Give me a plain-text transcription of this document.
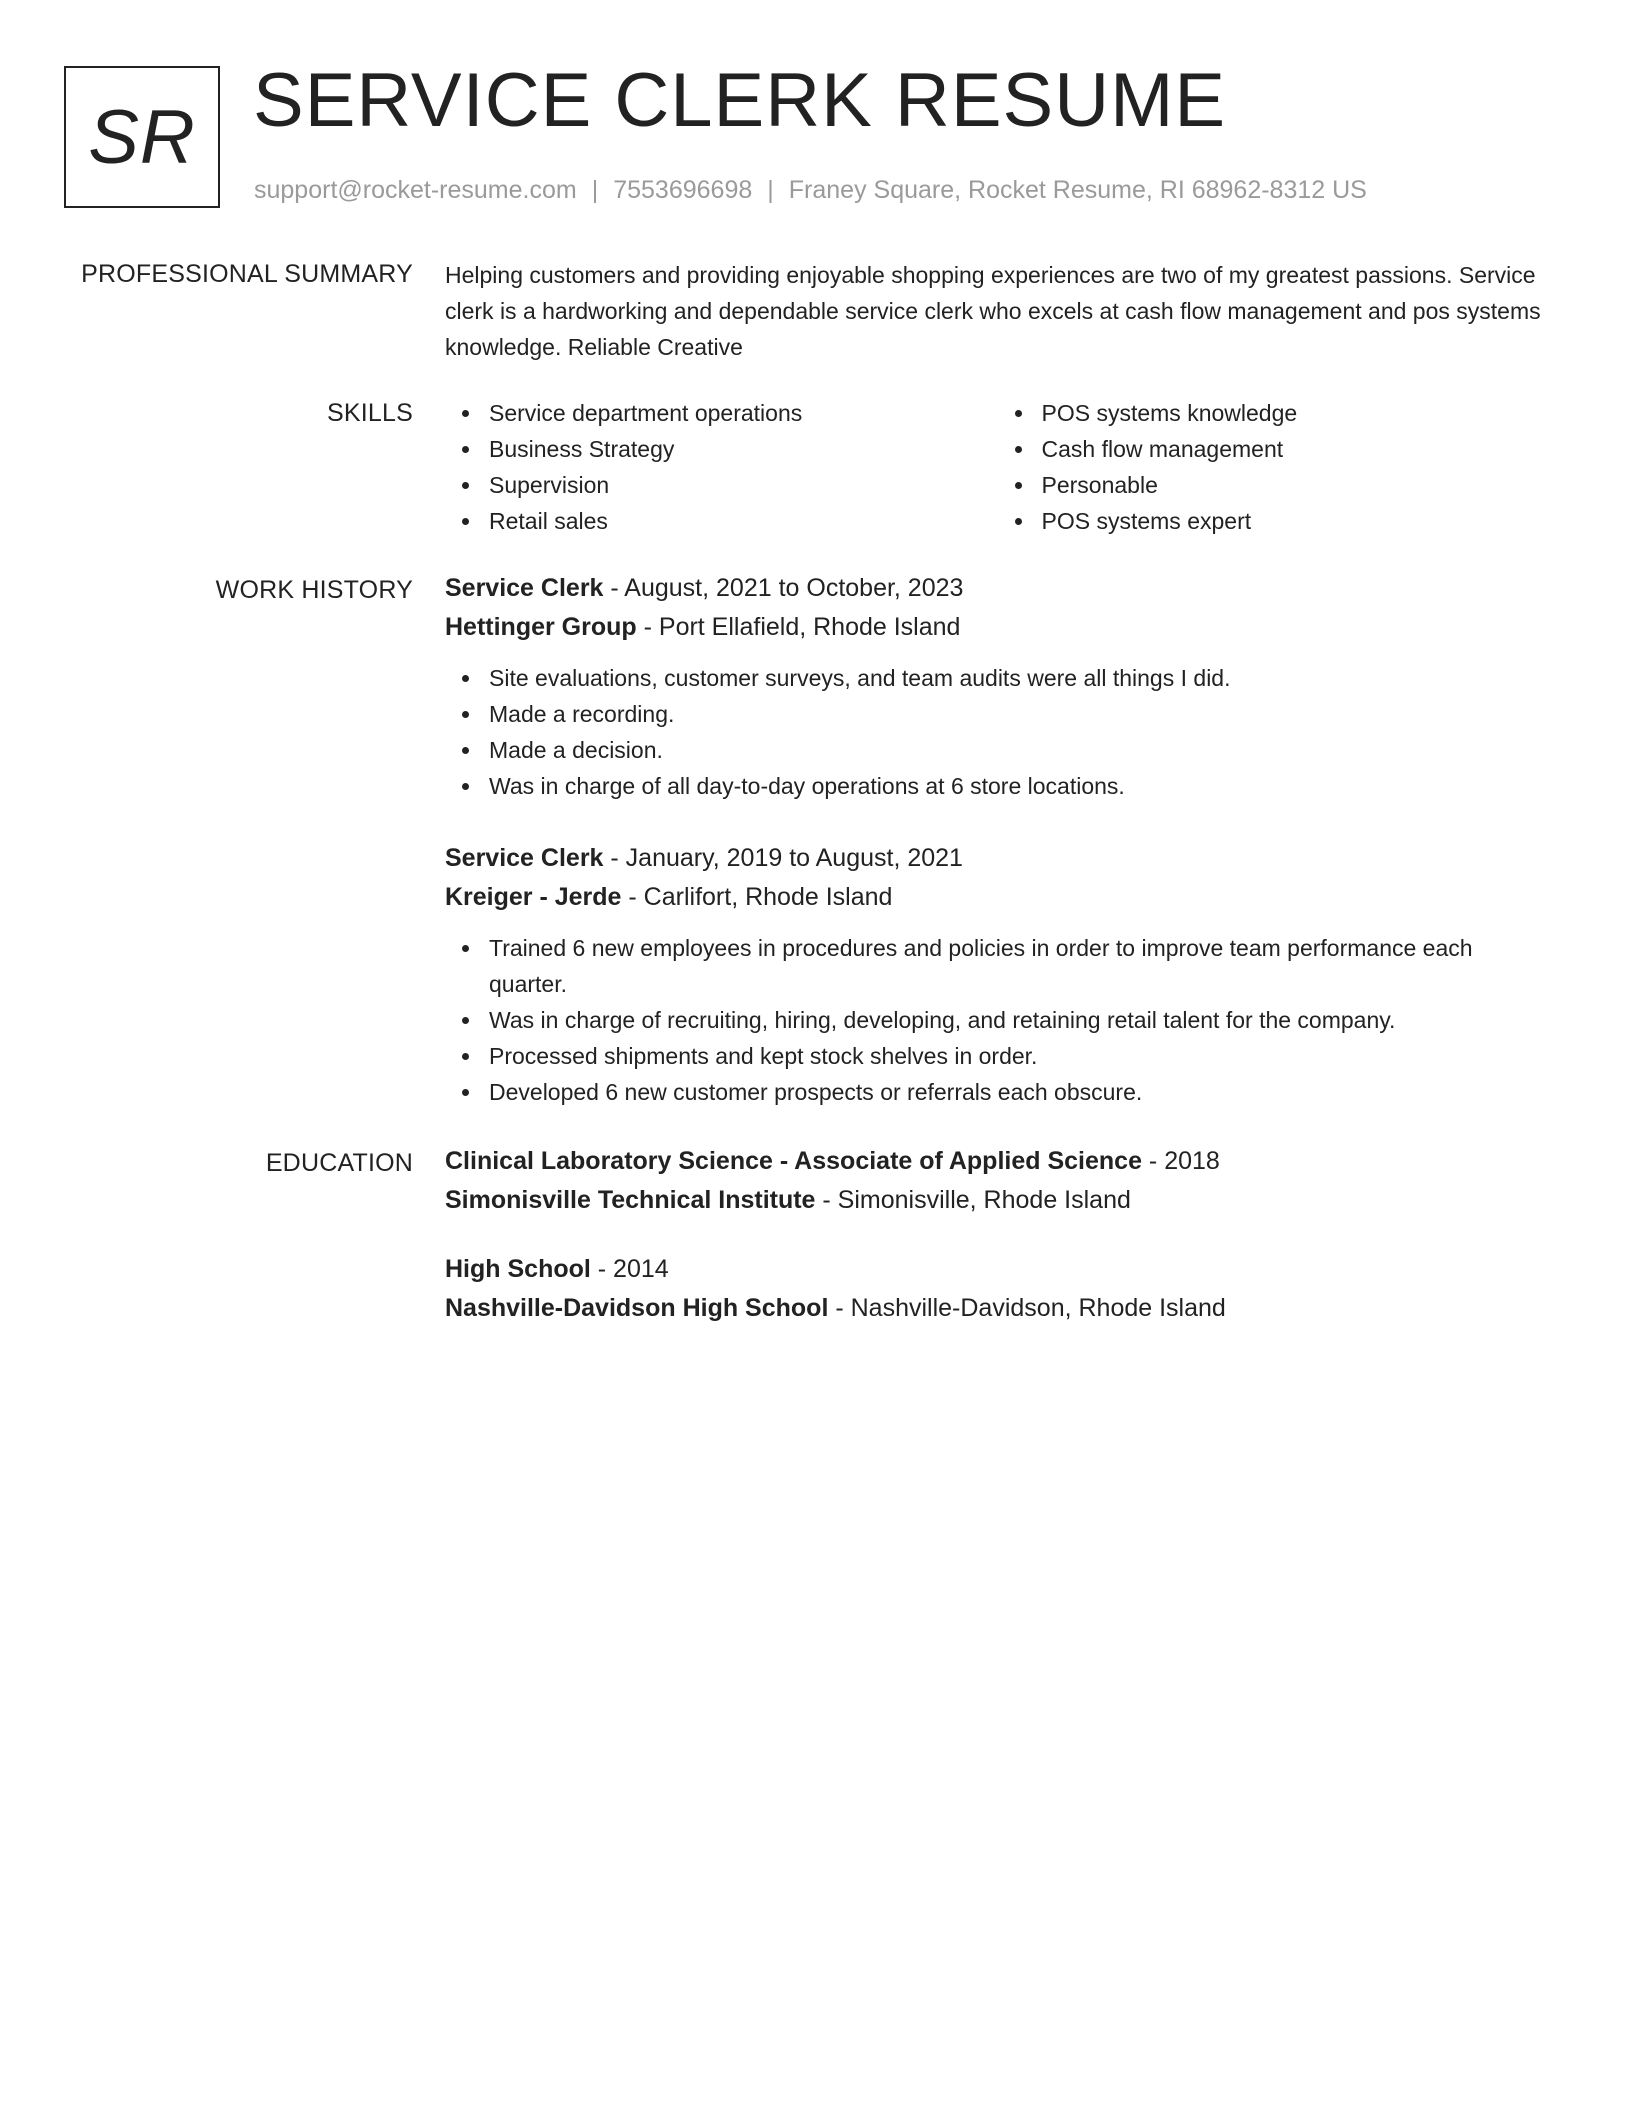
SR SERVICE CLERK RESUME
support@rocket-resume.com | 7553696698 | Franey Square, Rocket Resume, RI 68962-8312 US
PROFESSIONAL SUMMARY Helping customers and providing enjoyable shopping experiences are two of my greatest passions. Service clerk is a hardworking and dependable service clerk who excels at cash flow management and pos systems knowledge. Reliable Creative

SKILLS	Service department operations
Business Strategy
Supervision
Retail sales
POS systems knowledge
Cash flow management
Personable
POS systems expert
WORK HISTORY Service Clerk - August, 2021 to October, 2023
Hettinger Group - Port Ellafield, Rhode Island
Site evaluations, customer surveys, and team audits were all things I did.
Made a recording.
Made a decision.
Was in charge of all day-to-day operations at 6 store locations.
Service Clerk - January, 2019 to August, 2021
Kreiger - Jerde - Carlifort, Rhode Island
Trained 6 new employees in procedures and policies in order to improve team performance each quarter.
Was in charge of recruiting, hiring, developing, and retaining retail talent for the company.
Processed shipments and kept stock shelves in order.
Developed 6 new customer prospects or referrals each obscure.
EDUCATION Clinical Laboratory Science - Associate of Applied Science - 2018
Simonisville Technical Institute - Simonisville, Rhode Island
High School - 2014
Nashville-Davidson High School - Nashville-Davidson, Rhode Island
